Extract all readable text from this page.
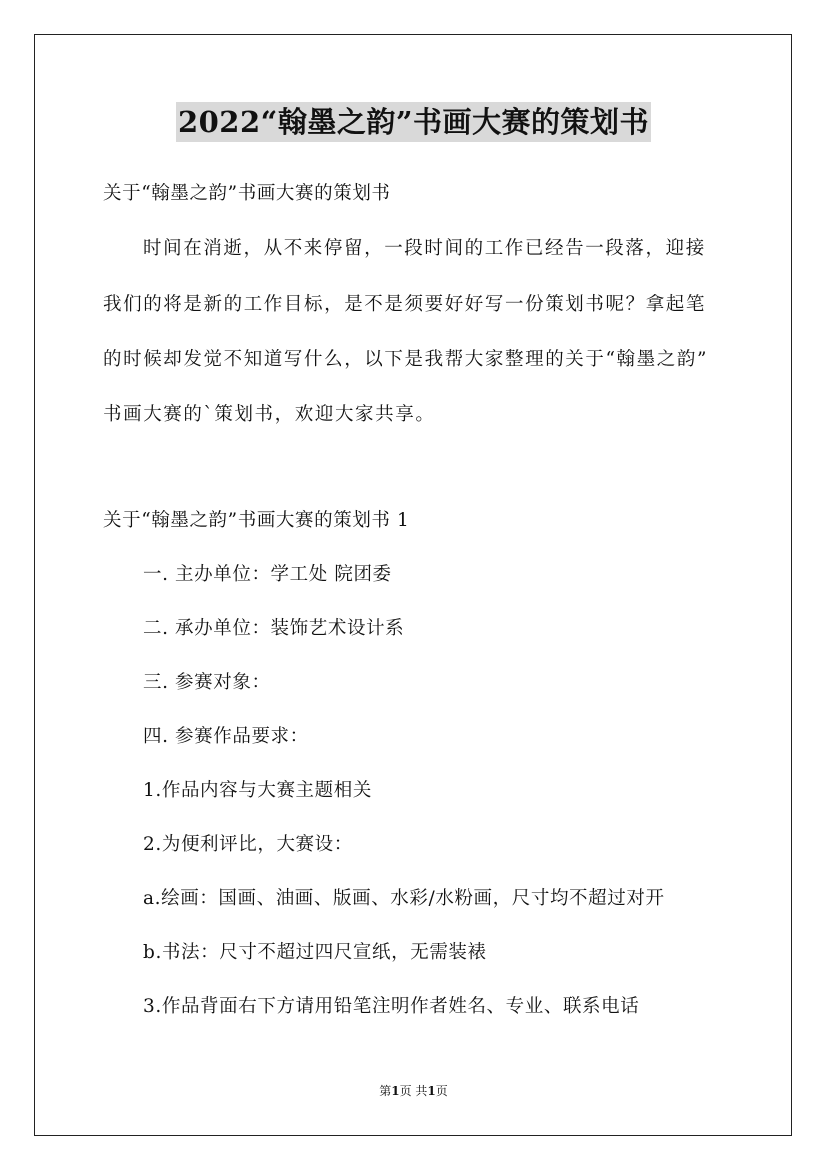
2022“翰墨之韵”书画大赛的策划书
关于“翰墨之韵”书画大赛的策划书
时间在消逝，从不来停留，一段时间的工作已经告一段落，迎接
我们的将是新的工作目标，是不是须要好好写一份策划书呢？拿起笔
的时候却发觉不知道写什么，以下是我帮大家整理的关于“翰墨之韵”
书画大赛的`策划书，欢迎大家共享。
关于“翰墨之韵”书画大赛的策划书 1
一. 主办单位：学工处 院团委
二. 承办单位：装饰艺术设计系
三. 参赛对象：
四. 参赛作品要求：
1.作品内容与大赛主题相关
2.为便利评比，大赛设：
a.绘画：国画、油画、版画、水彩/水粉画，尺寸均不超过对开
b.书法：尺寸不超过四尺宣纸，无需装裱
3.作品背面右下方请用铅笔注明作者姓名、专业、联系电话
第1页 共1页
